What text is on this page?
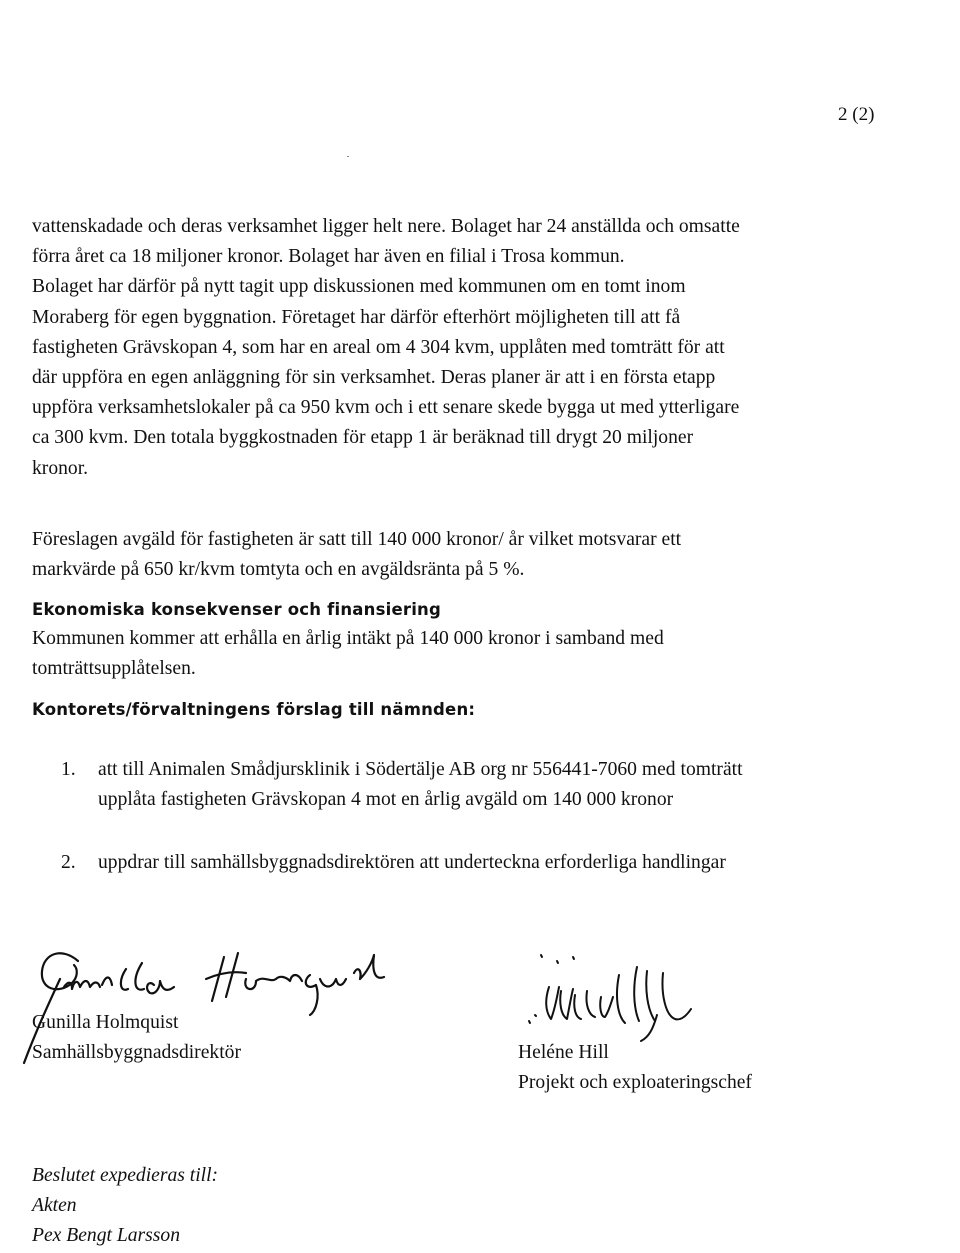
2 (2)

vattenskadade och deras verksamhet ligger helt nere. Bolaget har 24 anställda och omsatte
förra året ca 18 miljoner kronor. Bolaget har även en filial i Trosa kommun.
Bolaget har därför på nytt tagit upp diskussionen med kommunen om en tomt inom
Moraberg för egen byggnation. Företaget har därför efterhört möjligheten till att få
fastigheten Grävskopan 4, som har en areal om 4 304 kvm, upplåten med tomträtt för att
där uppföra en egen anläggning för sin verksamhet. Deras planer är att i en första etapp
uppföra verksamhetslokaler på ca 950 kvm och i ett senare skede bygga ut med ytterligare
ca 300 kvm. Den totala byggkostnaden för etapp 1 är beräknad till drygt 20 miljoner
kronor.

Föreslagen avgäld för fastigheten är satt till 140 000 kronor/ år vilket motsvarar ett
markvärde på 650 kr/kvm tomtyta och en avgäldsränta på 5 %.

Ekonomiska konsekvenser och finansiering

Kommunen kommer att erhålla en årlig intäkt på 140 000 kronor i samband med
tomträttsupplåtelsen.

Kontorets/förvaltningens förslag till nämnden:
1. att till Animalen Smådjursklinik i Södertälje AB org nr 556441-7060 med tomträtt
upplåta fastigheten Grävskopan 4 mot en årlig avgäld om 140 000 kronor
2. uppdrar till samhällsbyggnadsdirektören att underteckna erforderliga handlingar
Gunilla Holmquist
Samhällsbyggnadsdirektör	Heléne Hill
Projekt och exploateringschef
Beslutet expedieras till:
Akten
Pex Bengt Larsson
